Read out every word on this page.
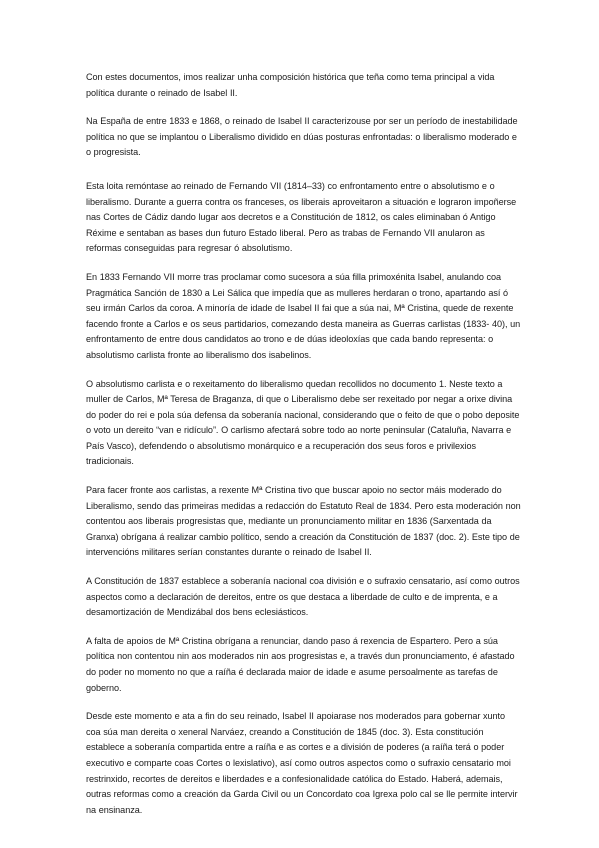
Con estes documentos, imos realizar unha composición histórica que teña como tema principal a vida política durante o reinado de Isabel II.

Na España de entre 1833 e 1868, o reinado de Isabel II caracterizouse por ser un período de inestabilidade política no que se implantou o Liberalismo dividido en dúas posturas enfrontadas: o liberalismo moderado e o progresista.

Esta loita remóntase ao reinado de Fernando VII (1814–33) co enfrontamento entre o absolutismo e o liberalismo. Durante a guerra contra os franceses, os liberais aproveitaron a situación e lograron impoñerse nas Cortes de Cádiz dando lugar aos decretos e a Constitución de 1812, os cales eliminaban ó Antigo Réxime e sentaban as bases dun futuro Estado liberal. Pero as trabas de Fernando VII anularon as reformas conseguidas para regresar ó absolutismo.

En 1833 Fernando VII morre tras proclamar como sucesora a súa filla primoxénita Isabel, anulando coa Pragmática Sanción de 1830 a Lei Sálica que impedía que as mulleres herdaran o trono, apartando así ó seu irmán Carlos da coroa. A minoría de idade de Isabel II fai que a súa nai, Mª Cristina, quede de rexente facendo fronte a Carlos e os seus partidarios, comezando desta maneira as Guerras carlistas (1833- 40), un enfrontamento de entre dous candidatos ao trono e de dúas ideoloxías que cada bando representa: o absolutismo carlista fronte ao liberalismo dos isabelinos.

O absolutismo carlista e o rexeitamento do liberalismo quedan recollidos no documento 1. Neste texto a muller de Carlos, Mª Teresa de Braganza, di que o Liberalismo debe ser rexeitado por negar a orixe divina do poder do rei e pola súa defensa da soberanía nacional, considerando que o feito de que o pobo deposite o voto un dereito “van e ridículo”. O carlismo afectará sobre todo ao norte peninsular (Cataluña, Navarra e País Vasco), defendendo o absolutismo monárquico e a recuperación dos seus foros e privilexios tradicionais.

Para facer fronte aos carlistas, a rexente Mª Cristina tivo que buscar apoio no sector máis moderado do Liberalismo, sendo das primeiras medidas a redacción do Estatuto Real de 1834. Pero esta moderación non contentou aos liberais progresistas que, mediante un pronunciamento militar en 1836 (Sarxentada da Granxa) obrígana á realizar cambio político, sendo a creación da Constitución de 1837 (doc. 2). Este tipo de intervencións militares serían constantes durante o reinado de Isabel II.

A Constitución de 1837 establece a soberanía nacional coa división e o sufraxio censatario, así como outros aspectos como a declaración de dereitos, entre os que destaca a liberdade de culto e de imprenta, e a desamortización de Mendizábal dos bens eclesiásticos.

A falta de apoios de Mª Cristina obrígana a renunciar, dando paso á rexencia de Espartero. Pero a súa política non contentou nin aos moderados nin aos progresistas e, a través dun pronunciamento, é afastado do poder no momento no que a raíña é declarada maior de idade e asume persoalmente as tarefas de goberno.

Desde este momento e ata a fin do seu reinado, Isabel II apoiarase nos moderados para gobernar xunto coa súa man dereita o xeneral Narváez, creando a Constitución de 1845 (doc. 3). Esta constitución establece a soberanía compartida entre a raíña e as cortes e a división de poderes (a raíña terá o poder executivo e comparte coas Cortes o lexislativo), así como outros aspectos como o sufraxio censatario moi restrinxido, recortes de dereitos e liberdades e a confesionalidade católica do Estado. Haberá, ademais, outras reformas como a creación da Garda Civil ou un Concordato coa Igrexa polo cal se lle permite intervir na ensinanza.
